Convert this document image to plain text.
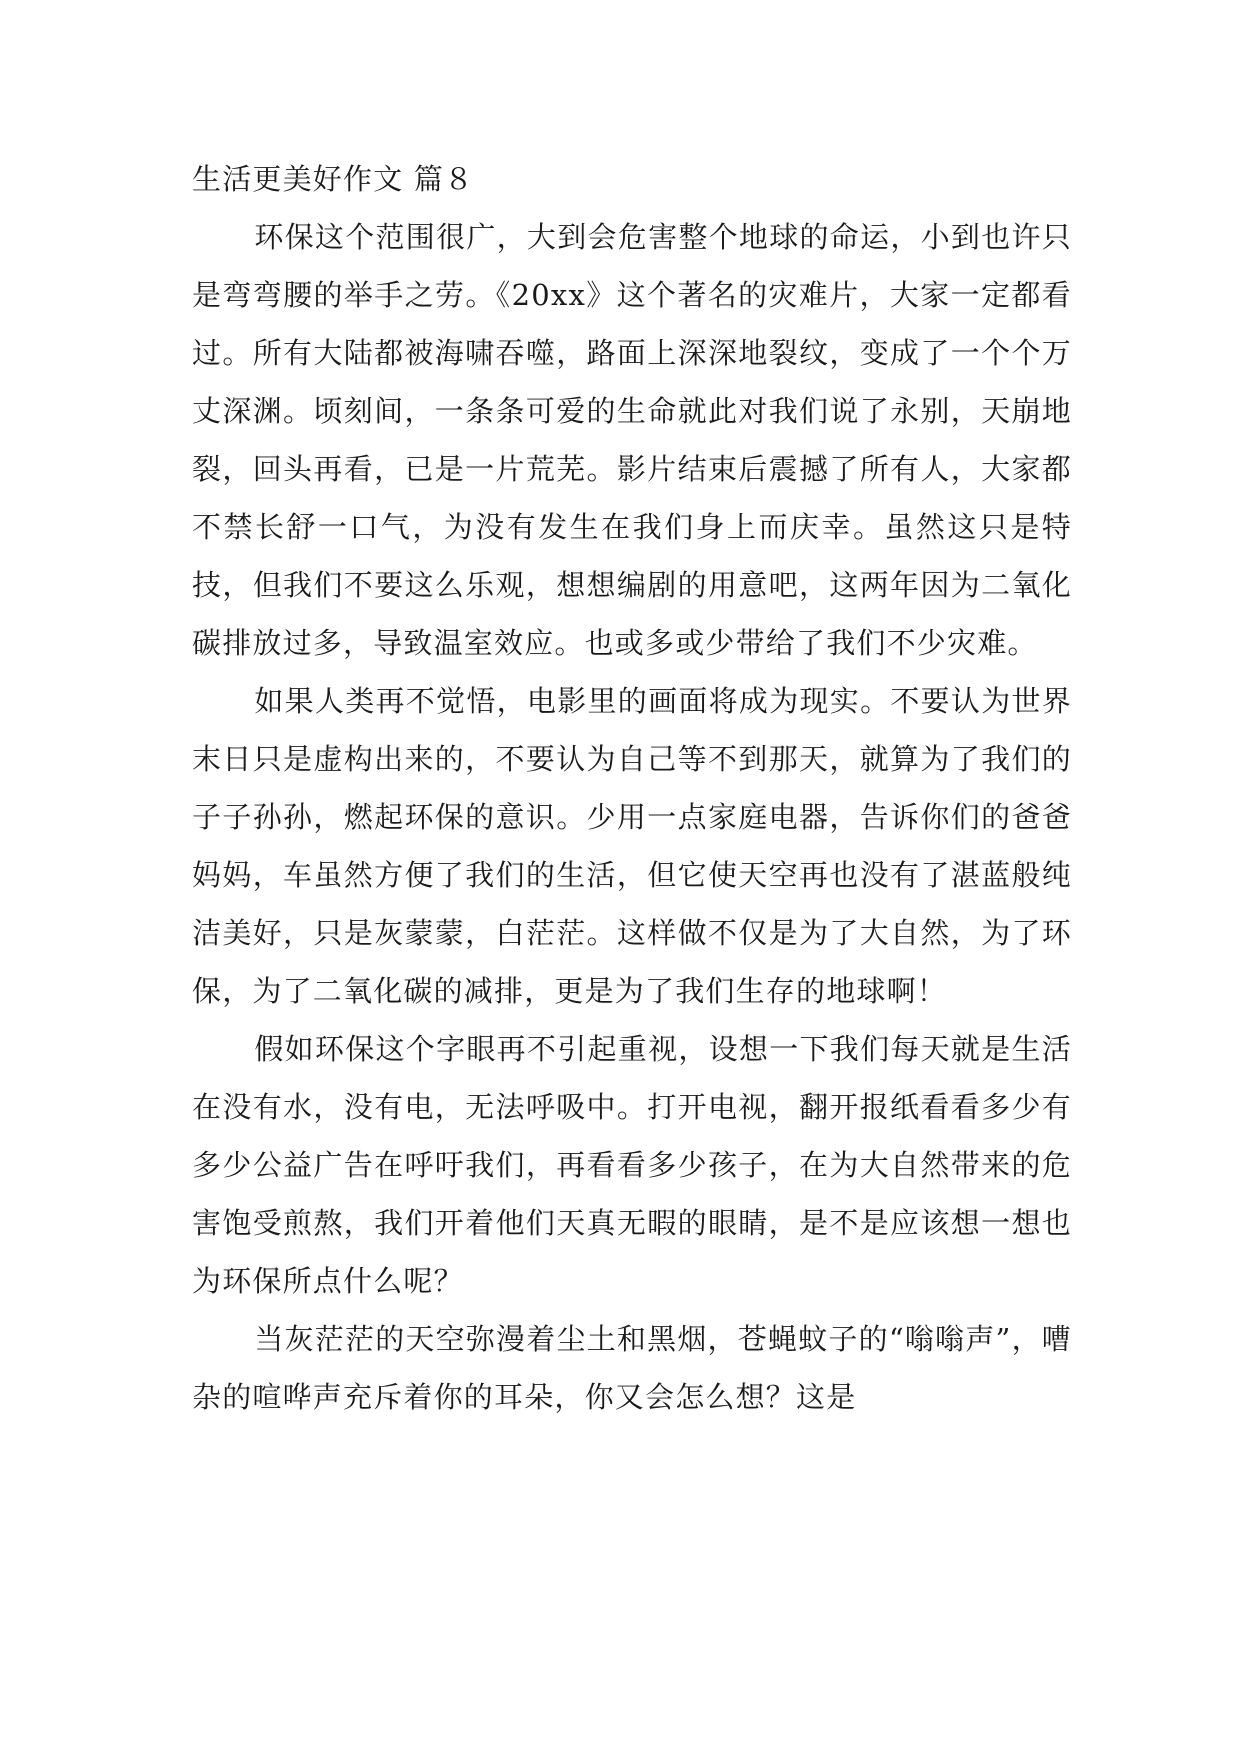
生活更美好作文 篇８

环保这个范围很广，大到会危害整个地球的命运，小到也许只是弯弯腰的举手之劳。《20xx》这个著名的灾难片，大家一定都看过。所有大陆都被海啸吞噬，路面上深深地裂纹，变成了一个个万丈深渊。顷刻间，一条条可爱的生命就此对我们说了永别，天崩地裂，回头再看，已是一片荒芜。影片结束后震撼了所有人，大家都不禁长舒一口气，为没有发生在我们身上而庆幸。虽然这只是特技，但我们不要这么乐观，想想编剧的用意吧，这两年因为二氧化碳排放过多，导致温室效应。也或多或少带给了我们不少灾难。

如果人类再不觉悟，电影里的画面将成为现实。不要认为世界末日只是虚构出来的，不要认为自己等不到那天，就算为了我们的子子孙孙，燃起环保的意识。少用一点家庭电器，告诉你们的爸爸妈妈，车虽然方便了我们的生活，但它使天空再也没有了湛蓝般纯洁美好，只是灰蒙蒙，白茫茫。这样做不仅是为了大自然，为了环保，为了二氧化碳的减排，更是为了我们生存的地球啊！

假如环保这个字眼再不引起重视，设想一下我们每天就是生活在没有水，没有电，无法呼吸中。打开电视，翻开报纸看看多少有多少公益广告在呼吁我们，再看看多少孩子，在为大自然带来的危害饱受煎熬，我们开着他们天真无暇的眼睛，是不是应该想一想也为环保所点什么呢？

当灰茫茫的天空弥漫着尘土和黑烟，苍蝇蚊子的“嗡嗡声”，嘈杂的喧哗声充斥着你的耳朵，你又会怎么想？这是
